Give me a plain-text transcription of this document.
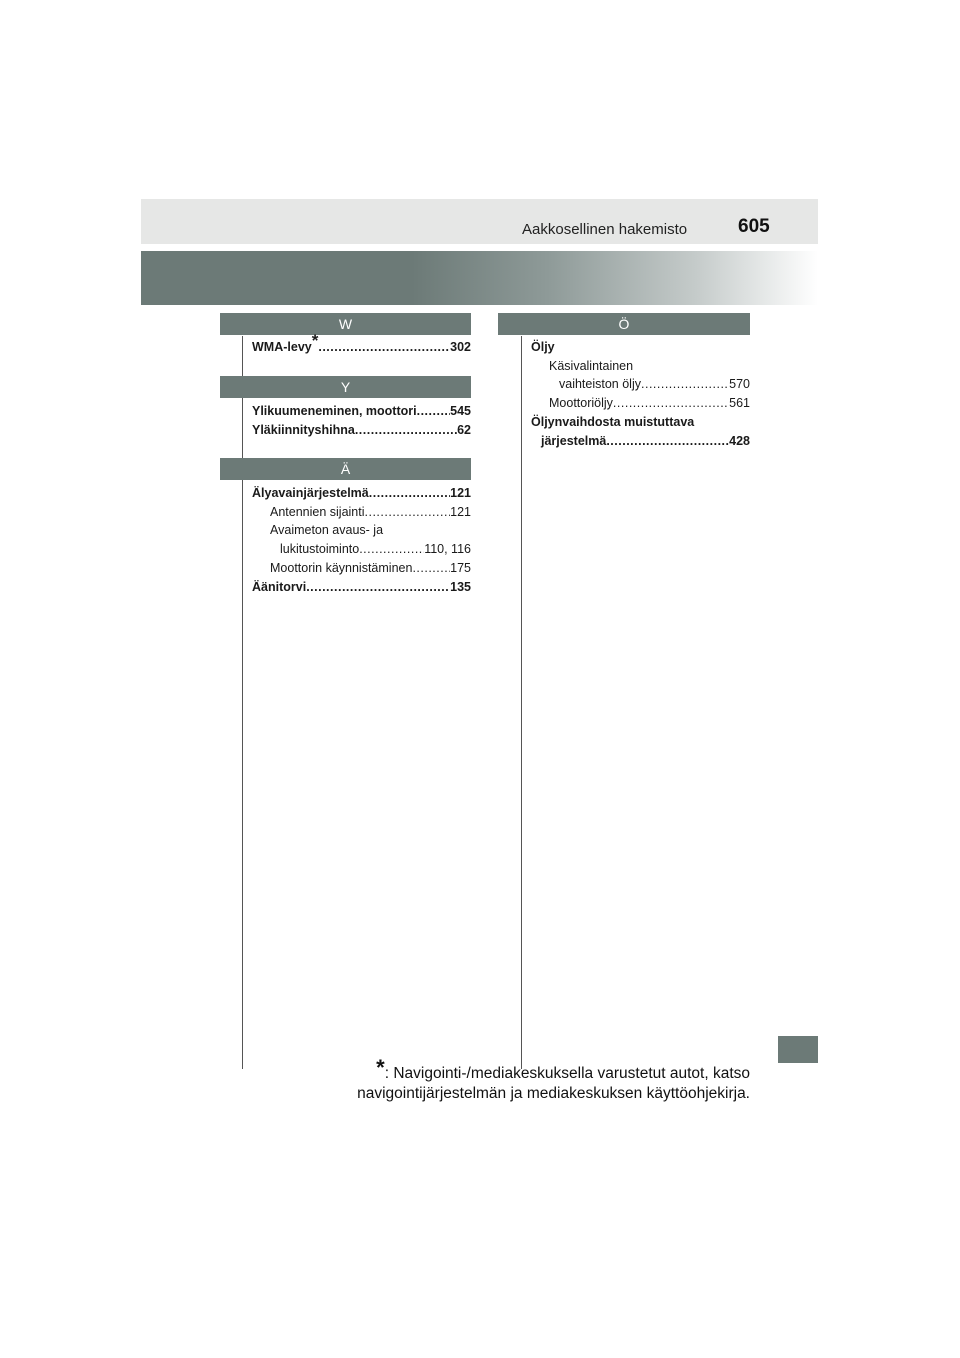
Aakkosellinen hakemisto	605
W
WMA-levy* .....	302
Y
Ylikuumeneminen, moottori .....	545
Yläkiinnityshihna .....	62
Ä
Älyavainjärjestelmä .....	121
Antennien sijainti .....	121
Avaimeton avaus- ja
lukitustoiminto .....	110, 116
Moottorin käynnistäminen .....	175
Äänitorvi .....	135
Ö
Öljy
Käsivalintainen
vaihteiston öljy .....	570
Moottoriöljy .....	561
Öljynvaihdosta muistuttava
järjestelmä .....	428
*: Navigointi-/mediakeskuksella varustetut autot, katso
navigointijärjestelmän ja mediakeskuksen käyttöohjekirja.
